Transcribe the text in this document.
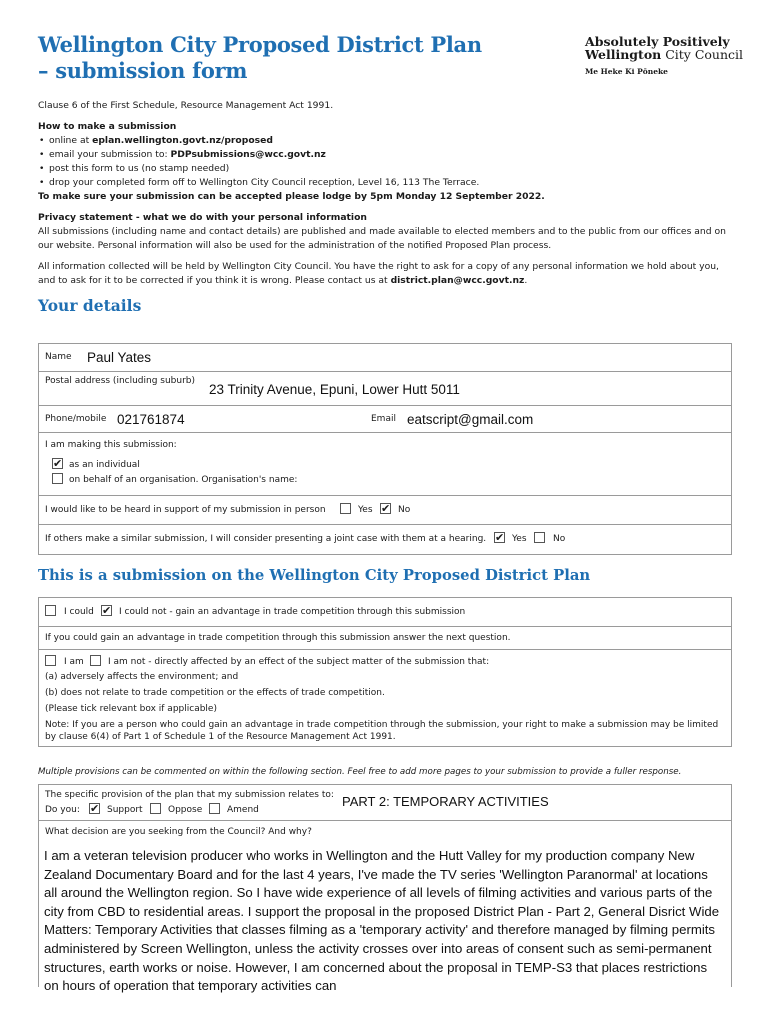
Wellington City Proposed District Plan
– submission form
Absolutely Positively
Wellington City Council
Me Heke Ki Pōneke

Clause 6 of the First Schedule, Resource Management Act 1991.

How to make a submission

• online at eplan.wellington.govt.nz/proposed
• email your submission to: PDPsubmissions@wcc.govt.nz
• post this form to us (no stamp needed)
• drop your completed form off to Wellington City Council reception, Level 16, 113 The Terrace.

To make sure your submission can be accepted please lodge by 5pm Monday 12 September 2022.

Privacy statement - what we do with your personal information

All submissions (including name and contact details) are published and made available to elected members and to the public from our offices and on our website. Personal information will also be used for the administration of the notified Proposed Plan process.

All information collected will be held by Wellington City Council. You have the right to ask for a copy of any personal information we hold about you, and to ask for it to be corrected if you think it is wrong. Please contact us at district.plan@wcc.govt.nz.

Your details
Name Paul Yates
Postal address (including suburb)
23 Trinity Avenue, Epuni, Lower Hutt 5011
Phone/mobile 021761874	Email eatscript@gmail.com
I am making this submission:
✔ as an individual
on behalf of an organisation. Organisation's name:
I would like to be heard in support of my submission in person	Yes ✔ No
If others make a similar submission, I will consider presenting a joint case with them at a hearing. ✔ Yes	No
This is a submission on the Wellington City Proposed District Plan
I could ✔ I could not - gain an advantage in trade competition through this submission
If you could gain an advantage in trade competition through this submission answer the next question.
I am	I am not - directly affected by an effect of the subject matter of the submission that:
(a) adversely affects the environment; and
(b) does not relate to trade competition or the effects of trade competition.
(Please tick relevant box if applicable)
Note: If you are a person who could gain an advantage in trade competition through the submission, your right to make a submission may be limited by clause 6(4) of Part 1 of Schedule 1 of the Resource Management Act 1991.
Multiple provisions can be commented on within the following section. Feel free to add more pages to your submission to provide a fuller response.
The specific provision of the plan that my submission relates to: PART 2: TEMPORARY ACTIVITIES
Do you: ✔ Support	Oppose	Amend
What decision are you seeking from the Council? And why?
I am a veteran television producer who works in Wellington and the Hutt Valley for my production company New Zealand Documentary Board and for the last 4 years, I've made the TV series 'Wellington Paranormal' at locations all around the Wellington region. So I have wide experience of all levels of filming activities and various parts of the city from CBD to residential areas. I support the proposal in the proposed District Plan - Part 2, General Disrict Wide Matters: Temporary Activities that classes filming as a 'temporary activity' and therefore managed by filming permits administered by Screen Wellington, unless the activity crosses over into areas of consent such as semi-permanent structures, earth works or noise. However, I am concerned about the proposal in TEMP-S3 that places restrictions on hours of operation that temporary activities can
